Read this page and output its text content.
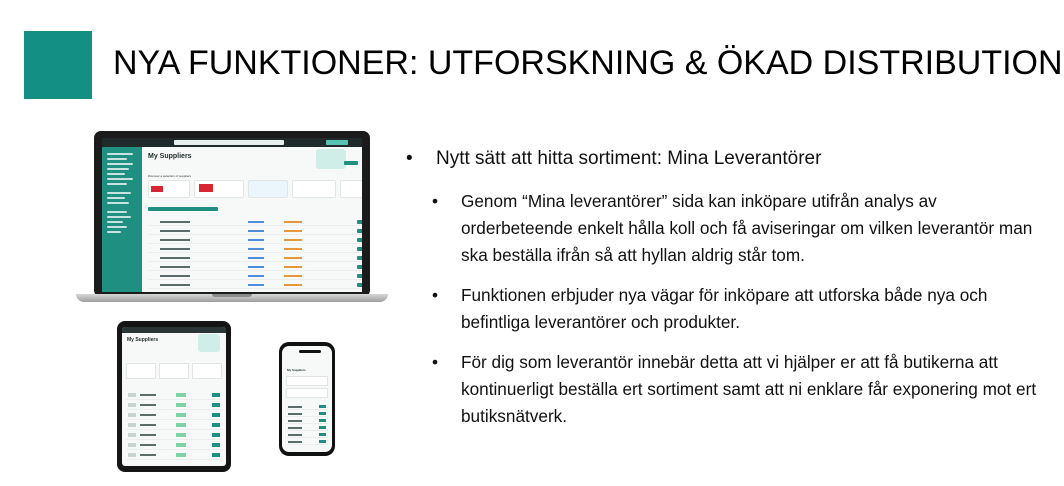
NYA FUNKTIONER: UTFORSKNING & ÖKAD DISTRIBUTION
My Suppliers
Discover a selection of suppliers
My Suppliers
My Suppliers
• Nytt sätt att hitta sortiment: Mina Leverantörer
• Genom “Mina leverantörer” sida kan inköpare utifrån analys av orderbeteende enkelt hålla koll och få aviseringar om vilken leverantör man ska beställa ifrån så att hyllan aldrig står tom.
• Funktionen erbjuder nya vägar för inköpare att utforska både nya och befintliga leverantörer och produkter.
• För dig som leverantör innebär detta att vi hjälper er att få butikerna att kontinuerligt beställa ert sortiment samt att ni enklare får exponering mot ert butiksnätverk.
